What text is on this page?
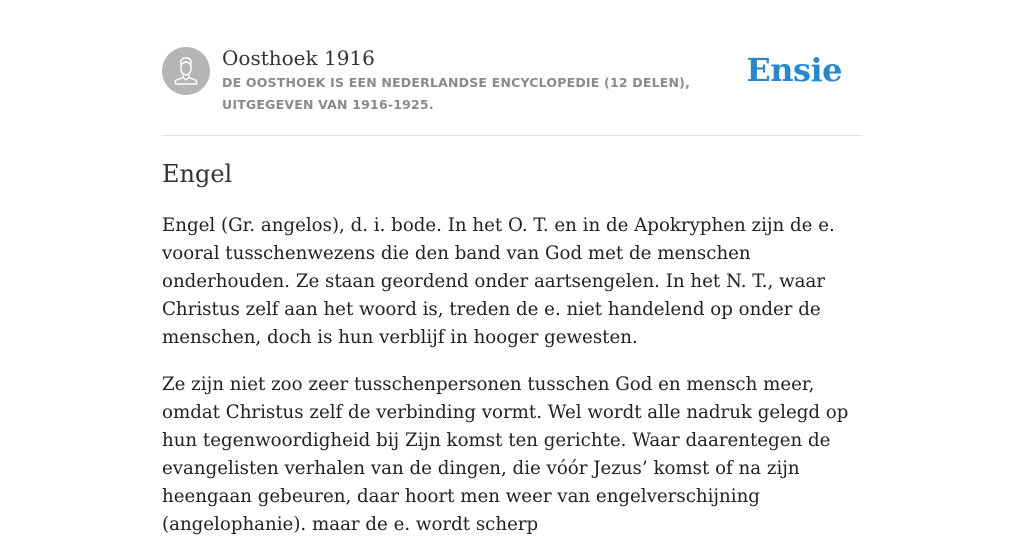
Oosthoek 1916
DE OOSTHOEK IS EEN NEDERLANDSE ENCYCLOPEDIE (12 DELEN), UITGEGEVEN VAN 1916-1925.
Ensie
Engel

Engel (Gr. angelos), d. i. bode. In het O. T. en in de Apokryphen zijn de e. vooral tusschenwezens die den band van God met de menschen onderhouden. Ze staan geordend onder aartsengelen. In het N. T., waar Christus zelf aan het woord is, treden de e. niet handelend op onder de menschen, doch is hun verblijf in hooger gewesten.

Ze zijn niet zoo zeer tusschenpersonen tusschen God en mensch meer, omdat Christus zelf de verbinding vormt. Wel wordt alle nadruk gelegd op hun tegenwoordigheid bij Zijn komst ten gerichte. Waar daarentegen de evangelisten verhalen van de dingen, die vóór Jezus’ komst of na zijn heengaan gebeuren, daar hoort men weer van engelverschijning (angelophanie). maar de e. wordt scherp
